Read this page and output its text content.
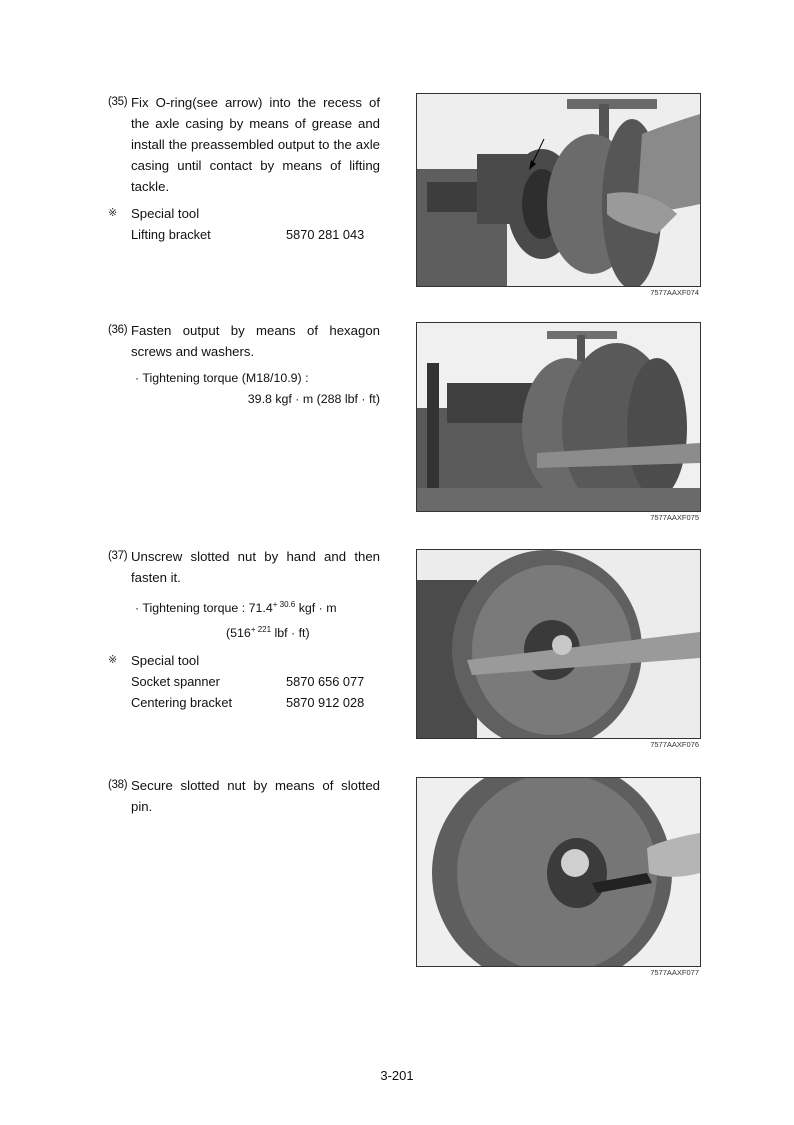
(35) Fix O-ring(see arrow) into the recess of the axle casing by means of grease and install the preassembled output to the axle casing until contact by means of lifting tackle.
※	Special tool
Lifting bracket	5870 281 043
7577AAXF074
(36) Fasten output by means of hexagon screws and washers.
· Tightening torque (M18/10.9) :
39.8 kgf · m (288 lbf · ft)
7577AAXF075
(37) Unscrew slotted nut by hand and then fasten it.
· Tightening torque : $71.4^{+ 30.6}$ kgf · m
($516^{+ 221}$ lbf · ft)
※	Special tool
Socket spanner	5870 656 077
Centering bracket	5870 912 028
7577AAXF076
(38) Secure slotted nut by means of slotted pin.
7577AAXF077
3-201
